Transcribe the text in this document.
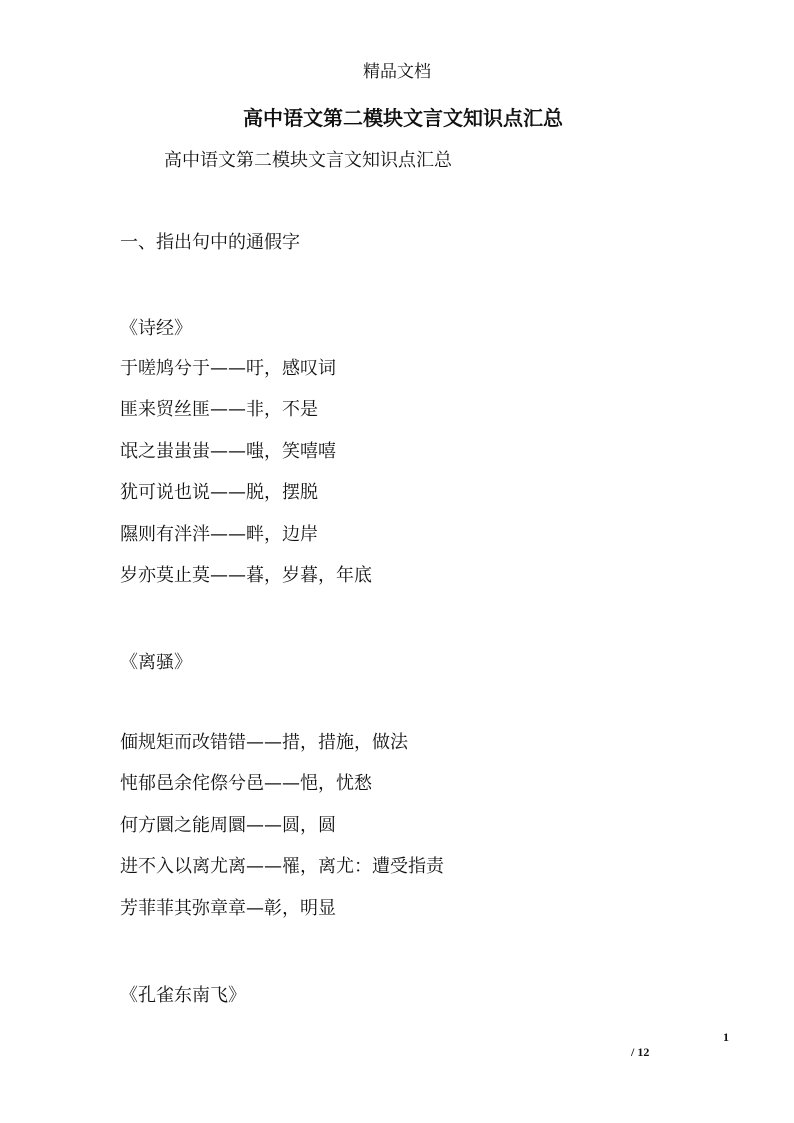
精品文档
高中语文第二模块文言文知识点汇总
高中语文第二模块文言文知识点汇总
一、指出句中的通假字
《诗经》
于嗟鸠兮于——吁，感叹词
匪来贸丝匪——非，不是
氓之蚩蚩蚩——嗤，笑嘻嘻
犹可说也说——脱，摆脱
隰则有泮泮——畔，边岸
岁亦莫止莫——暮，岁暮，年底
《离骚》
偭规矩而改错错——措，措施，做法
忳郁邑余侘傺兮邑——悒，忧愁
何方圜之能周圜——圆，圆
进不入以离尤离——罹，离尤：遭受指责
芳菲菲其弥章章—彰，明显
《孔雀东南飞》
1
/ 12
